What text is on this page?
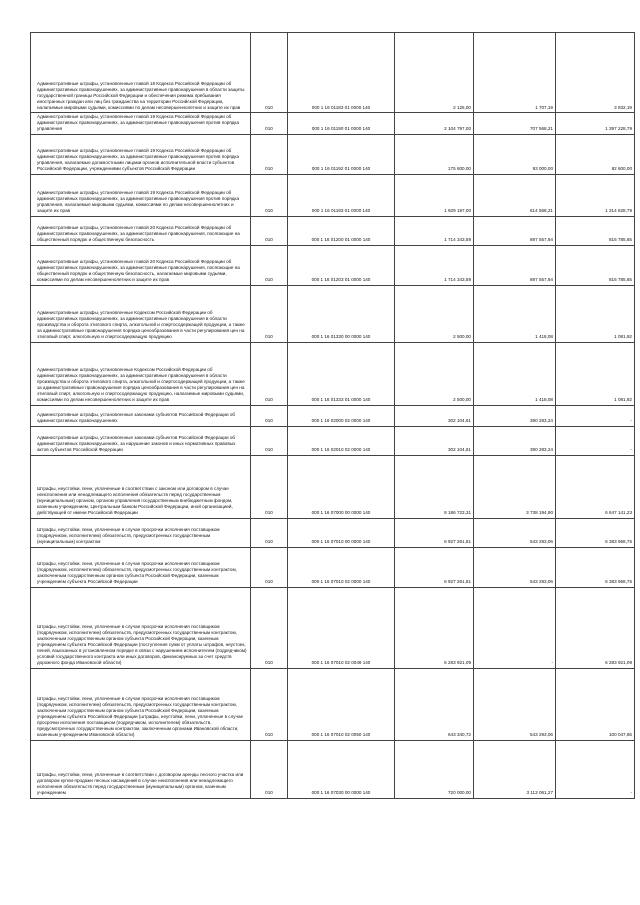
Административные штрафы, установленные главой 18 Кодекса Российской Федерации об административных правонарушениях, за административные правонарушения в области защиты государственной границы Российской Федерации и обеспечения режима пребывания иностранных граждан или лиц без гражданства на территории Российской Федерации, налагаемые мировыми судьями, комиссиями по делам несовершеннолетних и защите их прав	010	000 1 16 01183 01 0000 140	2 125,00	1 707,19	3 832,19

Административные штрафы, установленные главой 19 Кодекса Российской Федерации об административных правонарушениях, за административные правонарушения против порядка управления	010	000 1 16 01190 01 0000 140	2 104 797,00	707 568,21	1 397 228,79

Административные штрафы, установленные главой 19 Кодекса Российской Федерации об административных правонарушениях, за административные правонарушения против порядка управления, налагаемые должностными лицами органов исполнительной власти субъектов Российской Федерации, учреждениями субъектов Российской Федерации	010	000 1 16 01192 01 0000 140	175 600,00	93 000,00	82 600,00

Административные штрафы, установленные главой 19 Кодекса Российской Федерации об административных правонарушениях, за административные правонарушения против порядка управления, налагаемые мировыми судьями, комиссиями по делам несовершеннолетних и защите их прав	010	000 1 16 01193 01 0000 140	1 929 197,00	614 568,21	1 314 628,79

Административные штрафы, установленные главой 20 Кодекса Российской Федерации об административных правонарушениях, за административные правонарушения, посягающие на общественный порядок и общественную безопасность	010	000 1 16 01200 01 0000 140	1 714 343,59	897 557,94	816 785,65

Административные штрафы, установленные главой 20 Кодекса Российской Федерации об административных правонарушениях, за административные правонарушения, посягающие на общественный порядок и общественную безопасность, налагаемые мировыми судьями, комиссиями по делам несовершеннолетних и защите их прав	010	000 1 16 01203 01 0000 140	1 714 343,59	897 557,94	816 785,65

Административные штрафы, установленные Кодексом Российской Федерации об административных правонарушениях, за административные правонарушения в области производства и оборота этилового спирта, алкогольной и спиртосодержащей продукции, а также за административные правонарушения порядка ценообразования в части регулирования цен на этиловый спирт, алкогольную и спиртосодержащую продукцию	010	000 1 16 01330 00 0000 140	2 500,00	1 418,08	1 081,92

Административные штрафы, установленные Кодексом Российской Федерации об административных правонарушениях, за административные правонарушения в области производства и оборота этилового спирта, алкогольной и спиртосодержащей продукции, а также за административные правонарушения порядка ценообразования в части регулирования цен на этиловый спирт, алкогольную и спиртосодержащую продукцию, налагаемые мировыми судьями, комиссиями по делам несовершеннолетних и защите их прав	010	000 1 16 01333 01 0000 140	2 500,00	1 418,08	1 081,92

Административные штрафы, установленные законами субъектов Российской Федерации об административных правонарушениях	010	000 1 16 02000 02 0000 140	302 104,61	390 283,24	-

Административные штрафы, установленные законами субъектов Российской Федерации об административных правонарушениях, за нарушение законов и иных нормативных правовых актов субъектов Российской Федерации	010	000 1 16 02010 02 0000 140	302 104,61	390 283,24	-

Штрафы, неустойки, пени, уплаченные в соответствии с законом или договором в случае неисполнения или ненадлежащего исполнения обязательств перед государственным (муниципальным) органом, органом управления государственным внебюджетным фондом, казенным учреждением, Центральным банком Российской Федерации, иной организацией, действующей от имени Российской Федерации	010	000 1 16 07000 00 0000 140	8 186 723,31	3 738 194,90	6 647 141,23

Штрафы, неустойки, пени, уплаченные в случае просрочки исполнения поставщиком (подрядчиком, исполнителем) обязательств, предусмотренных государственным (муниципальным) контрактом	010	000 1 16 07010 00 0000 140	6 927 261,81	543 293,06	6 383 968,75

Штрафы, неустойки, пени, уплаченные в случае просрочки исполнения поставщиком (подрядчиком, исполнителем) обязательств, предусмотренных государственным контрактом, заключенным государственным органом субъекта Российской Федерации, казенным учреждением субъекта Российской Федерации	010	000 1 16 07010 02 0000 140	6 927 261,81	543 293,06	6 383 968,75

Штрафы, неустойки, пени, уплаченные в случае просрочки исполнения поставщиком (подрядчиком, исполнителем) обязательств, предусмотренных государственным контрактом, заключенным государственным органом субъекта Российской Федерации, казенным учреждением субъекта Российской Федерации (поступления сумм от уплаты штрафов, неустоек, пеней, взысканных в установленном порядке в связи с нарушением исполнителем (подрядчиком) условий государственного контракта или иных договоров, финансируемых за счет средств дорожного фонда Ивановской области)	010	000 1 16 07010 02 0049 140	6 283 921,09	-	6 283 921,09

Штрафы, неустойки, пени, уплаченные в случае просрочки исполнения поставщиком (подрядчиком, исполнителем) обязательств, предусмотренных государственным контрактом, заключенным государственным органом субъекта Российской Федерации, казенным учреждением субъекта Российской Федерации (штрафы, неустойки, пени, уплаченные в случае просрочки исполнения поставщиком (подрядчиком, исполнителем) обязательств, предусмотренных государственным контрактом, заключенным органами Ивановской области, казенным учреждением Ивановской области)	010	000 1 16 07010 02 0050 140	643 340,72	543 293,06	100 047,66

Штрафы, неустойки, пени, уплаченные в соответствии с договором аренды лесного участка или договором купли-продажи лесных насаждений в случае неисполнения или ненадлежащего исполнения обязательств перед государственным (муниципальным) органом, казенным учреждением	010	000 1 16 07030 00 0000 140	720 000,00	3 113 061,27	-
